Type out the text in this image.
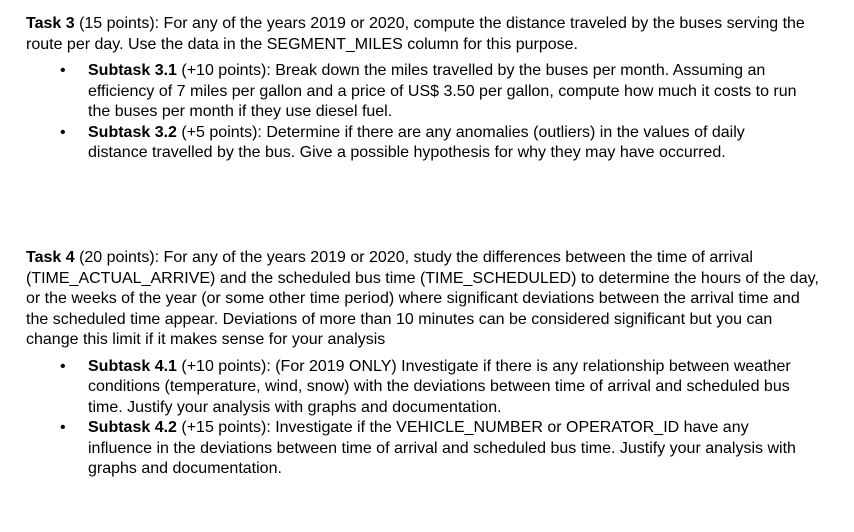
Task 3 (15 points): For any of the years 2019 or 2020, compute the distance traveled by the buses serving the route per day. Use the data in the SEGMENT_MILES column for this purpose.

• Subtask 3.1 (+10 points): Break down the miles travelled by the buses per month. Assuming an efficiency of 7 miles per gallon and a price of US$ 3.50 per gallon, compute how much it costs to run the buses per month if they use diesel fuel.
• Subtask 3.2 (+5 points): Determine if there are any anomalies (outliers) in the values of daily distance travelled by the bus. Give a possible hypothesis for why they may have occurred.

Task 4 (20 points): For any of the years 2019 or 2020, study the differences between the time of arrival (TIME_ACTUAL_ARRIVE) and the scheduled bus time (TIME_SCHEDULED) to determine the hours of the day, or the weeks of the year (or some other time period) where significant deviations between the arrival time and the scheduled time appear. Deviations of more than 10 minutes can be considered significant but you can change this limit if it makes sense for your analysis

• Subtask 4.1 (+10 points): (For 2019 ONLY) Investigate if there is any relationship between weather conditions (temperature, wind, snow) with the deviations between time of arrival and scheduled bus time. Justify your analysis with graphs and documentation.
• Subtask 4.2 (+15 points): Investigate if the VEHICLE_NUMBER or OPERATOR_ID have any influence in the deviations between time of arrival and scheduled bus time. Justify your analysis with graphs and documentation.
